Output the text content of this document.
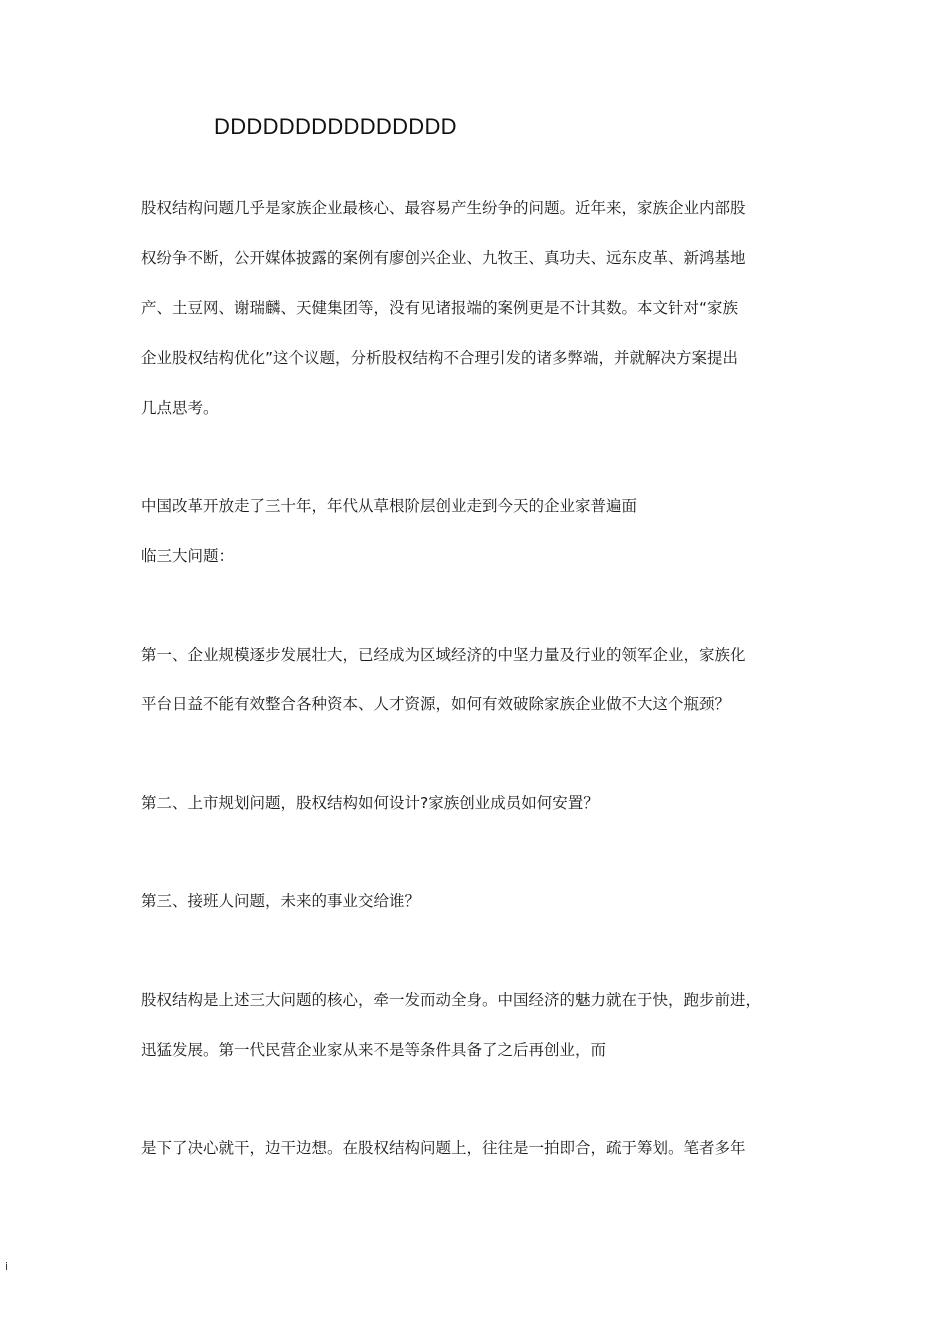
DDDDDDDDDDDDDDD
股权结构问题几乎是家族企业最核心、最容易产生纷争的问题。近年来，家族企业内部股
权纷争不断，公开媒体披露的案例有廖创兴企业、九牧王、真功夫、远东皮革、新鸿基地
产、土豆网、谢瑞麟、天健集团等，没有见诸报端的案例更是不计其数。本文针对“家族
企业股权结构优化”这个议题，分析股权结构不合理引发的诸多弊端，并就解决方案提出
几点思考。
中国改革开放走了三十年，年代从草根阶层创业走到今天的企业家普遍面
临三大问题：
第一、企业规模逐步发展壮大，已经成为区域经济的中坚力量及行业的领军企业，家族化
平台日益不能有效整合各种资本、人才资源，如何有效破除家族企业做不大这个瓶颈？
第二、上市规划问题，股权结构如何设计?家族创业成员如何安置？
第三、接班人问题，未来的事业交给谁？
股权结构是上述三大问题的核心，牵一发而动全身。中国经济的魅力就在于快，跑步前进，
迅猛发展。第一代民营企业家从来不是等条件具备了之后再创业，而
是下了决心就干，边干边想。在股权结构问题上，往往是一拍即合，疏于筹划。笔者多年
i
